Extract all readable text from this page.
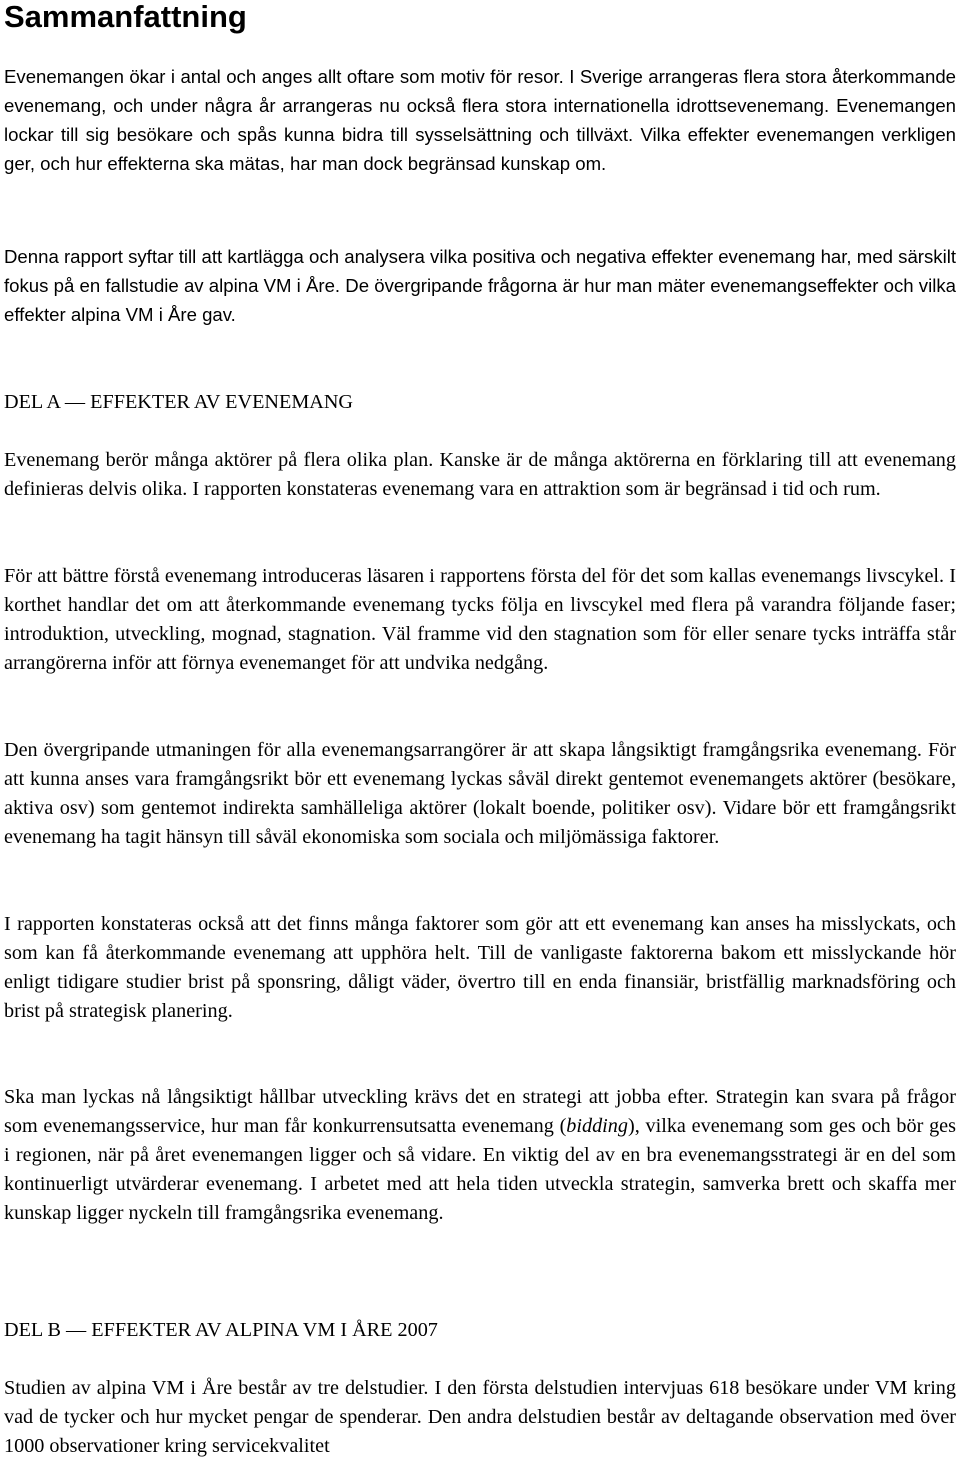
Sammanfattning

Evenemangen ökar i antal och anges allt oftare som motiv för resor. I Sverige arrangeras flera stora återkommande evenemang, och under några år arrangeras nu också flera stora internationella idrottsevenemang. Evenemangen lockar till sig besökare och spås kunna bidra till sysselsättning och tillväxt. Vilka effekter evenemangen verkligen ger, och hur effekterna ska mätas, har man dock begränsad kunskap om.

Denna rapport syftar till att kartlägga och analysera vilka positiva och negativa effekter evenemang har, med särskilt fokus på en fallstudie av alpina VM i Åre. De övergripande frågorna är hur man mäter evenemangseffekter och vilka effekter alpina VM i Åre gav.

DEL A — EFFEKTER AV EVENEMANG

Evenemang berör många aktörer på flera olika plan. Kanske är de många aktörerna en förklaring till att evenemang definieras delvis olika. I rapporten konstateras evenemang vara en attraktion som är begränsad i tid och rum.

För att bättre förstå evenemang introduceras läsaren i rapportens första del för det som kallas evenemangs livscykel. I korthet handlar det om att återkommande evenemang tycks följa en livscykel med flera på varandra följande faser; introduktion, utveckling, mognad, stagnation. Väl framme vid den stagnation som för eller senare tycks inträffa står arrangörerna inför att förnya evenemanget för att undvika nedgång.

Den övergripande utmaningen för alla evenemangsarrangörer är att skapa långsiktigt framgångsrika evenemang. För att kunna anses vara framgångsrikt bör ett evenemang lyckas såväl direkt gentemot evenemangets aktörer (besökare, aktiva osv) som gentemot indirekta samhälleliga aktörer (lokalt boende, politiker osv). Vidare bör ett framgångsrikt evenemang ha tagit hänsyn till såväl ekonomiska som sociala och miljömässiga faktorer.

I rapporten konstateras också att det finns många faktorer som gör att ett evenemang kan anses ha misslyckats, och som kan få återkommande evenemang att upphöra helt. Till de vanligaste faktorerna bakom ett misslyckande hör enligt tidigare studier brist på sponsring, dåligt väder, övertro till en enda finansiär, bristfällig marknadsföring och brist på strategisk planering.

Ska man lyckas nå långsiktigt hållbar utveckling krävs det en strategi att jobba efter. Strategin kan svara på frågor som evenemangsservice, hur man får konkurrensutsatta evenemang (bidding), vilka evenemang som ges och bör ges i regionen, när på året evenemangen ligger och så vidare. En viktig del av en bra evenemangsstrategi är en del som kontinuerligt utvärderar evenemang. I arbetet med att hela tiden utveckla strategin, samverka brett och skaffa mer kunskap ligger nyckeln till framgångsrika evenemang.

DEL B — EFFEKTER AV ALPINA VM I ÅRE 2007

Studien av alpina VM i Åre består av tre delstudier. I den första delstudien intervjuas 618 besökare under VM kring vad de tycker och hur mycket pengar de spenderar. Den andra delstudien består av deltagande observation med över 1000 observationer kring servicekvalitet
